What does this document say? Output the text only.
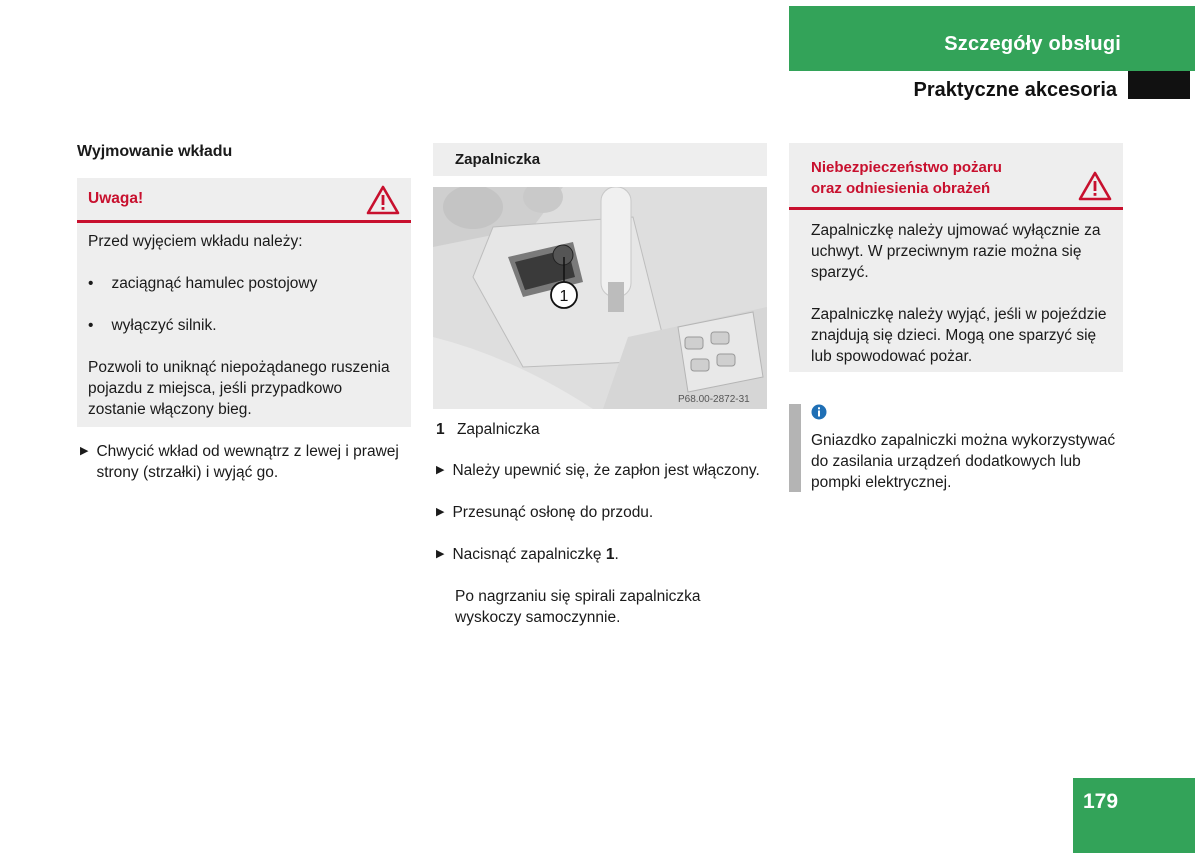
Szczegóły obsługi
Praktyczne akcesoria
Wyjmowanie wkładu
Uwaga!
Przed wyjęciem wkładu należy:
• zaciągnąć hamulec postojowy
• wyłączyć silnik.
Pozwoli to uniknąć niepożądanego ruszenia pojazdu z miejsca, jeśli przypadkowo zostanie włączony bieg.
▶ Chwycić wkład od wewnątrz z lewej i prawej strony (strzałki) i wyjąć go.
Zapalniczka
1
P68.00-2872-31
1 Zapalniczka
▶ Należy upewnić się, że zapłon jest włączony.
▶ Przesunąć osłonę do przodu.
▶ Nacisnąć zapalniczkę 1.
Po nagrzaniu się spirali zapalniczka wyskoczy samoczynnie.
Niebezpieczeństwo pożaru
oraz odniesienia obrażeń
Zapalniczkę należy ujmować wyłącznie za uchwyt. W przeciwnym razie można się sparzyć.
Zapalniczkę należy wyjąć, jeśli w pojeździe znajdują się dzieci. Mogą one sparzyć się lub spowodować pożar.
Gniazdko zapalniczki można wykorzystywać do zasilania urządzeń dodatkowych lub pompki elektrycznej.
179
